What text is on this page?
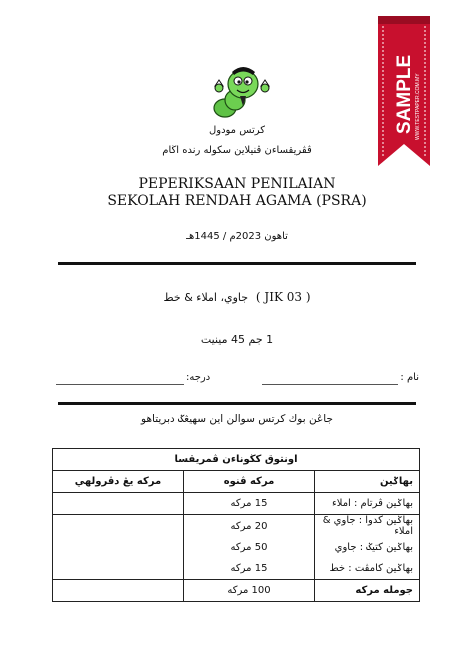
SAMPLE WWW.TESTPAPER.COM.MY
کرتس مودول
ڤڤريقساءن ڤنيلاين سکوله رنده اڬام
PEPERIKSAAN PENILAIAN
SEKOLAH RENDAH AGAMA (PSRA)
تاهون 2023م / 1445هـ
جاوي، املاء & خط ( JIK 03 )
1 جم 45 مينيت
نام :
درجه:
جاڠن بوك کرتس سوالن اين سهيڠݢ دبريتاهو
اونتوق کڬوناءن ڤمريقسا		
بهاݢين	مرکه ڤنوه	مرکه يڠ دڤرولهي
بهاݢين ڤرتام : املاء	15 مرکه	
بهاݢين کدوا : جاوي & املاء	20 مرکه	
بهاݢين کتيݢ : جاوي	50 مرکه	
بهاݢين کامڤت : خط	15 مرکه	
جومله مرکه	100 مرکه	
